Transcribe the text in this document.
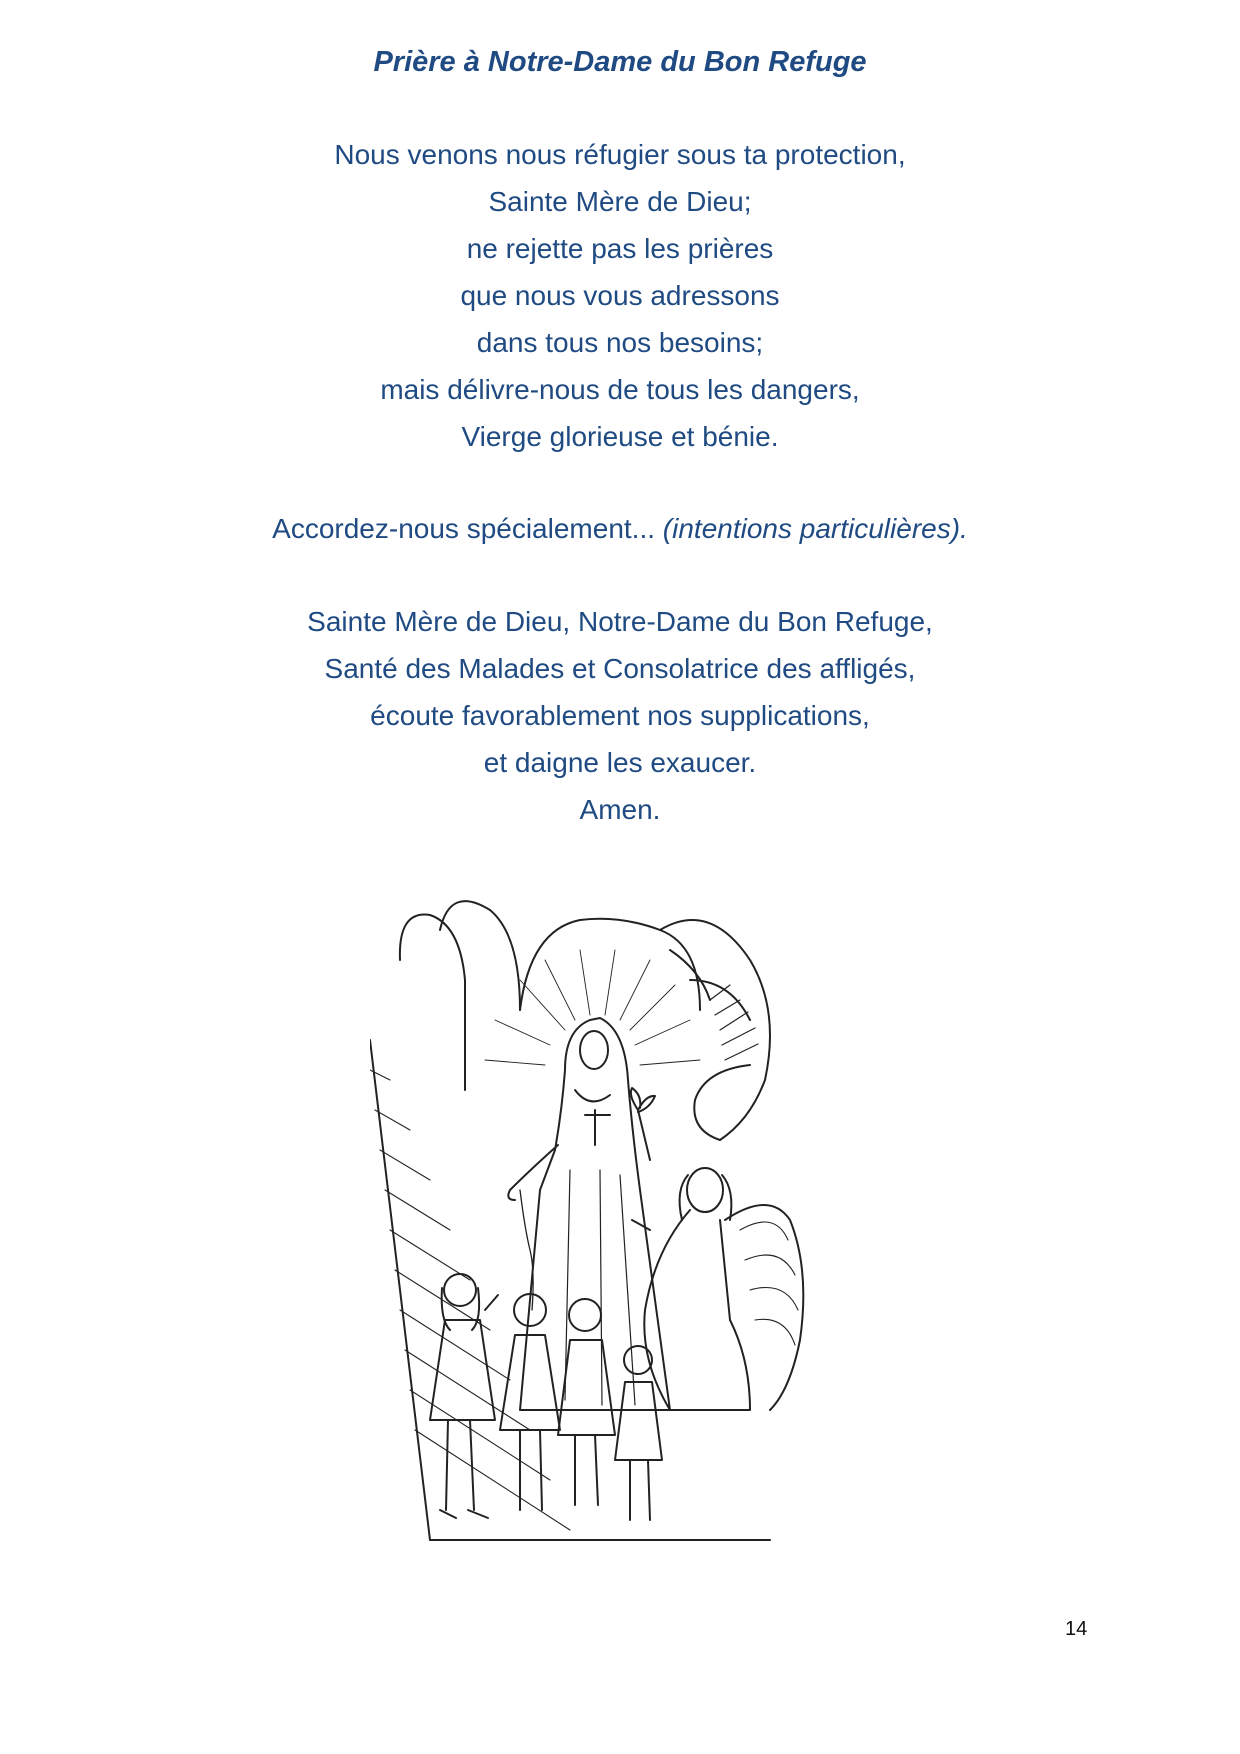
Prière à Notre-Dame du Bon Refuge
Nous venons nous réfugier sous ta protection,
Sainte Mère de Dieu;
ne rejette pas les prières
que nous vous adressons
dans tous nos besoins;
mais délivre-nous de tous les dangers,
Vierge glorieuse et bénie.
Accordez-nous spécialement... (intentions particulières).
Sainte Mère de Dieu, Notre-Dame du Bon Refuge,
Santé des Malades et Consolatrice des affligés,
écoute favorablement nos supplications,
et daigne les exaucer.
Amen.
14
